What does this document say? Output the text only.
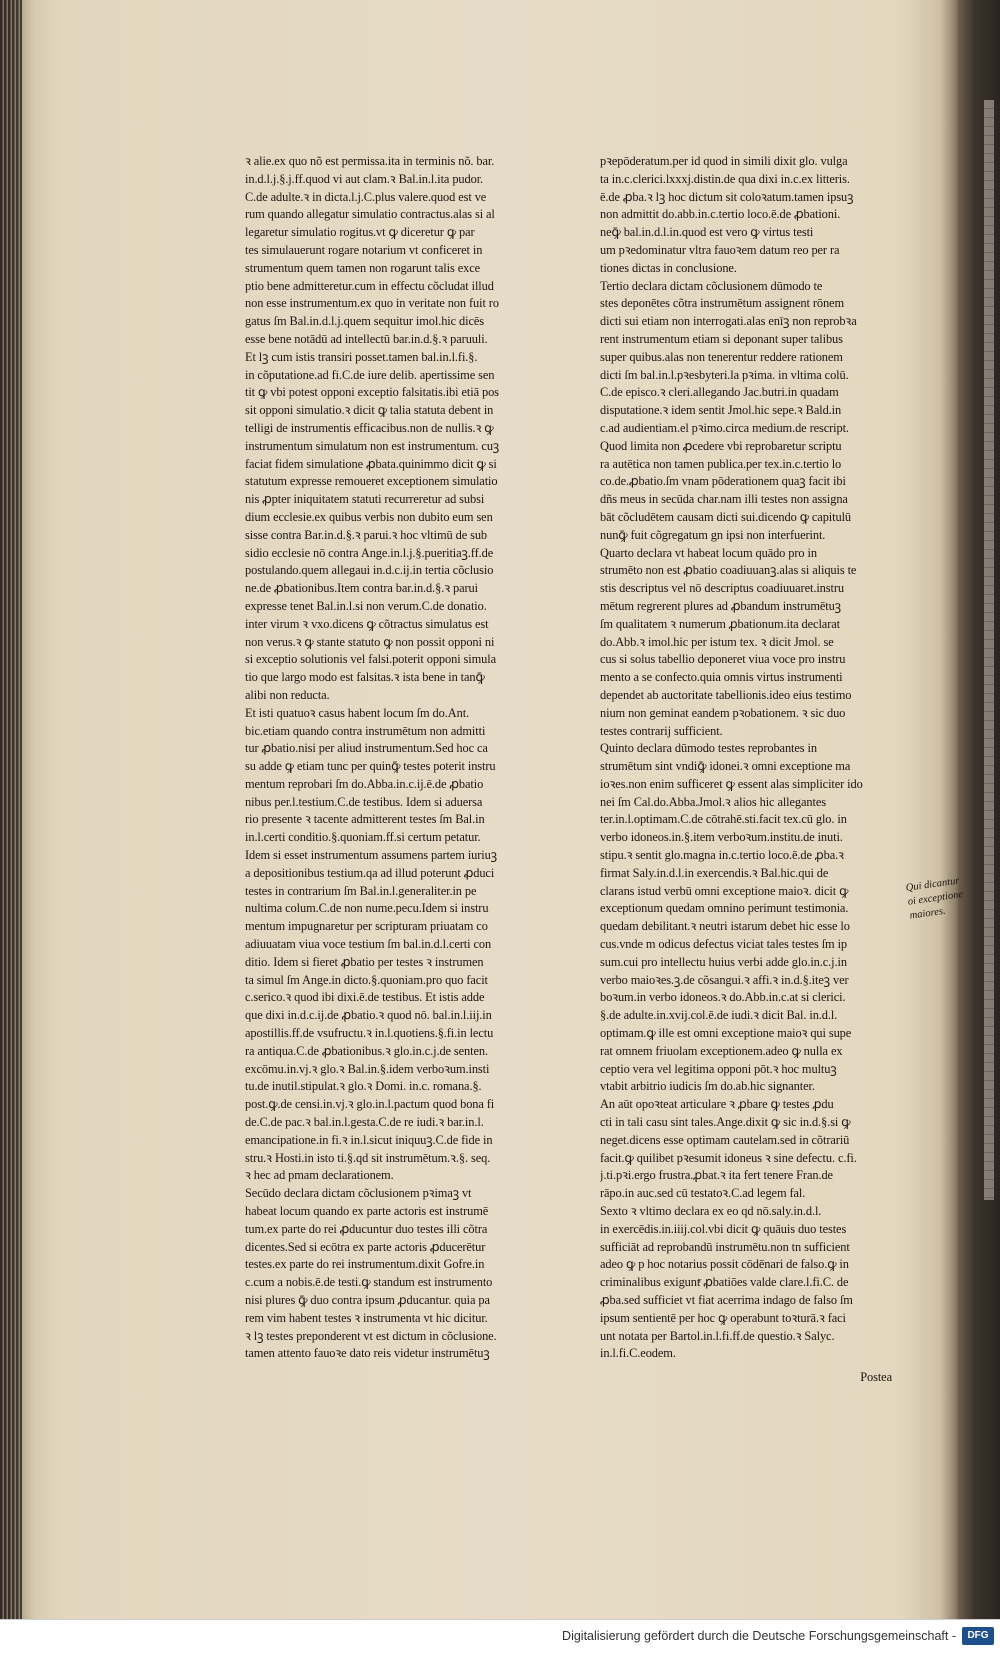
ꝛ alie.ex quo nõ est permissa.ita in terminis nõ. bar.
in.d.l.j.§.j.ff.quod vi aut clam.ꝛ Bal.in.l.ita pudor.
C.de adulte.ꝛ in dicta.l.j.C.plus valere.quod est ve
rum quando allegatur simulatio contractus.alas si al
legaretur simulatio rogitus.vt ꝙ diceretur ꝙ par
tes simulauerunt rogare notarium vt conficeret in
strumentum quem tamen non rogarunt talis exce
ptio bene admitteretur.cum in effectu cõcludat illud
non esse instrumentum.ex quo in veritate non fuit ro
gatus ſm Bal.in.d.l.j.quem sequitur imol.hic dicēs
esse bene notādū ad intellectū bar.in.d.§.ꝛ paruuli.
Et lꝫ cum istis transiri posset.tamen bal.in.l.fi.§.
in cõputatione.ad fi.C.de iure delib. apertissime sen
tit ꝙ vbi potest opponi exceptio falsitatis.ibi etiā pos
sit opponi simulatio.ꝛ dicit ꝙ talia statuta debent in
telligi de instrumentis efficacibus.non de nullis.ꝛ ꝙ
instrumentum simulatum non est instrumentum. cuꝫ
faciat fidem simulatione ꝓbata.quinimmo dicit ꝙ si
statutum expresse remoueret exceptionem simulatio
nis ꝓpter iniquitatem statuti recurreretur ad subsi
dium ecclesie.ex quibus verbis non dubito eum sen
sisse contra Bar.in.d.§.ꝛ parui.ꝛ hoc vltimū de sub
sidio ecclesie nō contra Ange.in.l.j.§.pueritiaꝫ.ff.de
postulando.quem allegaui in.d.c.ij.in tertia cõclusio
ne.de ꝓbationibus.Item contra bar.in.d.§.ꝛ parui
expresse tenet Bal.in.l.si non verum.C.de donatio.
inter virum ꝛ vxo.dicens ꝙ cõtractus simulatus est
non verus.ꝛ ꝙ stante statuto ꝙ non possit opponi ni
si exceptio solutionis vel falsi.poterit opponi simula
tio que largo modo est falsitas.ꝛ ista bene in tanꝙ̄
alibi non reducta.
Et isti quatuoꝛ casus habent locum ſm do.Ant.
bic.etiam quando contra instrumētum non admitti
tur ꝓbatio.nisi per aliud instrumentum.Sed hoc ca
su adde ꝙ etiam tunc per quinꝙ̄ testes poterit instru
mentum reprobari ſm do.Abba.in.c.ij.ē.de ꝓbatio
nibus per.l.testium.C.de testibus. Idem si aduersa
rio presente ꝛ tacente admitterent testes ſm Bal.in
in.l.certi conditio.§.quoniam.ff.si certum petatur.
Idem si esset instrumentum assumens partem iuriuꝫ
a depositionibus testium.qa ad illud poterunt ꝓduci
testes in contrarium ſm Bal.in.l.generaliter.in pe
nultima colum.C.de non nume.pecu.Idem si instru
mentum impugnaretur per scripturam priuatam co
adiuuatam viua voce testium ſm bal.in.d.l.certi con
ditio. Idem si fieret ꝓbatio per testes ꝛ instrumen
ta simul ſm Ange.in dicto.§.quoniam.pro quo facit
c.serico.ꝛ quod ibi dixi.ē.de testibus. Et istis adde
que dixi in.d.c.ij.de ꝓbatio.ꝛ quod nō. bal.in.l.iij.in
apostillis.ff.de vsufructu.ꝛ in.l.quotiens.§.fi.in lectu
ra antiqua.C.de ꝓbationibus.ꝛ glo.in.c.j.de senten.
excōmu.in.vj.ꝛ glo.ꝛ Bal.in.§.idem verboꝛum.insti
tu.de inutil.stipulat.ꝛ glo.ꝛ Domi. in.c. romana.§.
post.ꝙ.de censi.in.vj.ꝛ glo.in.l.pactum quod bona fi
de.C.de pac.ꝛ bal.in.l.gesta.C.de re iudi.ꝛ bar.in.l.
emancipatione.in fi.ꝛ in.l.sicut iniquuꝫ.C.de fide in
stru.ꝛ Hosti.in isto ti.§.qd sit instrumētum.ꝛ.§. seq.
ꝛ hec ad pmam declarationem.
Secūdo declara dictam cõclusionem pꝛimaꝫ vt
habeat locum quando ex parte actoris est instrumē
tum.ex parte do rei ꝓducuntur duo testes illi cõtra
dicentes.Sed si ecōtra ex parte actoris ꝓducerētur
testes.ex parte do rei instrumentum.dixit Gofre.in
c.cum a nobis.ē.de testi.ꝙ standum est instrumento
nisi plures ꝙ̄ duo contra ipsum ꝓducantur. quia pa
rem vim habent testes ꝛ instrumenta vt hic dicitur.
ꝛ lꝫ testes preponderent vt est dictum in cõclusione.
tamen attento fauoꝛe dato reis videtur instrumētuꝫ
pꝛepōderatum.per id quod in simili dixit glo. vulga
ta in.c.clerici.lxxxj.distin.de qua dixi in.c.ex litteris.
ē.de ꝓba.ꝛ lꝫ hoc dictum sit coloꝛatum.tamen ipsuꝫ
non admittit do.abb.in.c.tertio loco.ē.de ꝓbationi.
neꝙ̄ bal.in.d.l.in.quod est vero ꝙ virtus testi
um pꝛedominatur vltra fauoꝛem datum reo per ra
tiones dictas in conclusione.
Tertio declara dictam cõclusionem dūmodo te
stes deponētes cõtra instrumētum assignent rōnem
dicti sui etiam non interrogati.alas enīꝫ non reprobꝛa
rent instrumentum etiam si deponant super talibus
super quibus.alas non tenerentur reddere rationem
dicti ſm bal.in.l.pꝛesbyteri.la pꝛima. in vltima colū.
C.de episco.ꝛ cleri.allegando Jac.butri.in quadam
disputatione.ꝛ idem sentit Jmol.hic sepe.ꝛ Bald.in
c.ad audientiam.el pꝛimo.circa medium.de rescript.
Quod limita non ꝓcedere vbi reprobaretur scriptu
ra autētica non tamen publica.per tex.in.c.tertio lo
co.de.ꝓbatio.ſm vnam pōderationem quaꝫ facit ibi
dñs meus in secūda char.nam illi testes non assigna
bāt cõcludētem causam dicti sui.dicendo ꝙ capitulū
nunꝙ̄ fuit cõgregatum gn ipsi non interfuerint.
Quarto declara vt habeat locum quādo pro in
strumēto non est ꝓbatio coadiuuanꝫ.alas si aliquis te
stis descriptus vel nō descriptus coadiuuaret.instru
mētum regrerent plures ad ꝓbandum instrumētuꝫ
ſm qualitatem ꝛ numerum ꝓbationum.ita declarat
do.Abb.ꝛ imol.hic per istum tex. ꝛ dicit Jmol. se
cus si solus tabellio deponeret viua voce pro instru
mento a se confecto.quia omnis virtus instrumenti
dependet ab auctoritate tabellionis.ideo eius testimo
nium non geminat eandem pꝛobationem. ꝛ sic duo
testes contrarij sufficient.
Quinto declara dūmodo testes reprobantes in
strumētum sint vndiꝙ̄ idonei.ꝛ omni exceptione ma
ioꝛes.non enim sufficeret ꝙ essent alas simpliciter ido
nei ſm Cal.do.Abba.Jmol.ꝛ alios hic allegantes
ter.in.l.optimam.C.de cōtrahē.sti.facit tex.cū glo. in
verbo idoneos.in.§.item verboꝛum.institu.de inuti.
stipu.ꝛ sentit glo.magna in.c.tertio loco.ē.de ꝓba.ꝛ
firmat Saly.in.d.l.in exercendis.ꝛ Bal.hic.qui de
clarans istud verbū omni exceptione maioꝛ. dicit ꝙ
exceptionum quedam omnino perimunt testimonia.
quedam debilitant.ꝛ neutri istarum debet hic esse lo
cus.vnde m odicus defectus viciat tales testes ſm ip
sum.cui pro intellectu huius verbi adde glo.in.c.j.in
verbo maioꝛes.ꝫ.de cõsangui.ꝛ affi.ꝛ in.d.§.iteꝫ ver
boꝛum.in verbo idoneos.ꝛ do.Abb.in.c.at si clerici.
§.de adulte.in.xvij.col.ē.de iudi.ꝛ dicit Bal. in.d.l.
optimam.ꝙ ille est omni exceptione maioꝛ qui supe
rat omnem friuolam exceptionem.adeo ꝙ nulla ex
ceptio vera vel legitima opponi pōt.ꝛ hoc multuꝫ
vtabit arbitrio iudicis ſm do.ab.hic signanter.
An aūt opoꝛteat articulare ꝛ ꝓbare ꝙ testes ꝓdu
cti in tali casu sint tales.Ange.dixit ꝙ sic in.d.§.si ꝙ
neget.dicens esse optimam cautelam.sed in cõtrariū
facit.ꝙ quilibet pꝛesumit idoneus ꝛ sine defectu. c.fi.
j.ti.pꝛi.ergo frustra.ꝓbat.ꝛ ita fert tenere Fran.de
rāpo.in auc.sed cū testatoꝛ.C.ad legem fal.
Sexto ꝛ vltimo declara ex eo qd nō.saly.in.d.l.
in exercēdis.in.iiij.col.vbi dicit ꝙ quāuis duo testes
sufficiāt ad reprobandū instrumētu.non tn sufficient
adeo ꝙ p hoc notarius possit cōdēnari de falso.ꝙ in
criminalibus exiguntͬ ꝓbatiōes valde clare.l.fi.C. de
ꝓba.sed sufficiet vt fiat acerrima indago de falso ſm
ipsum sentientē per hoc ꝙ operabunt toꝛturā.ꝛ faci
unt notata per Bartol.in.l.fi.ff.de questio.ꝛ Salyc.
in.l.fi.C.eodem.
Postea
Qui dicantur
oi exceptione
maiores.
Digitalisierung gefördert durch die Deutsche Forschungsgemeinschaft -	DFG
